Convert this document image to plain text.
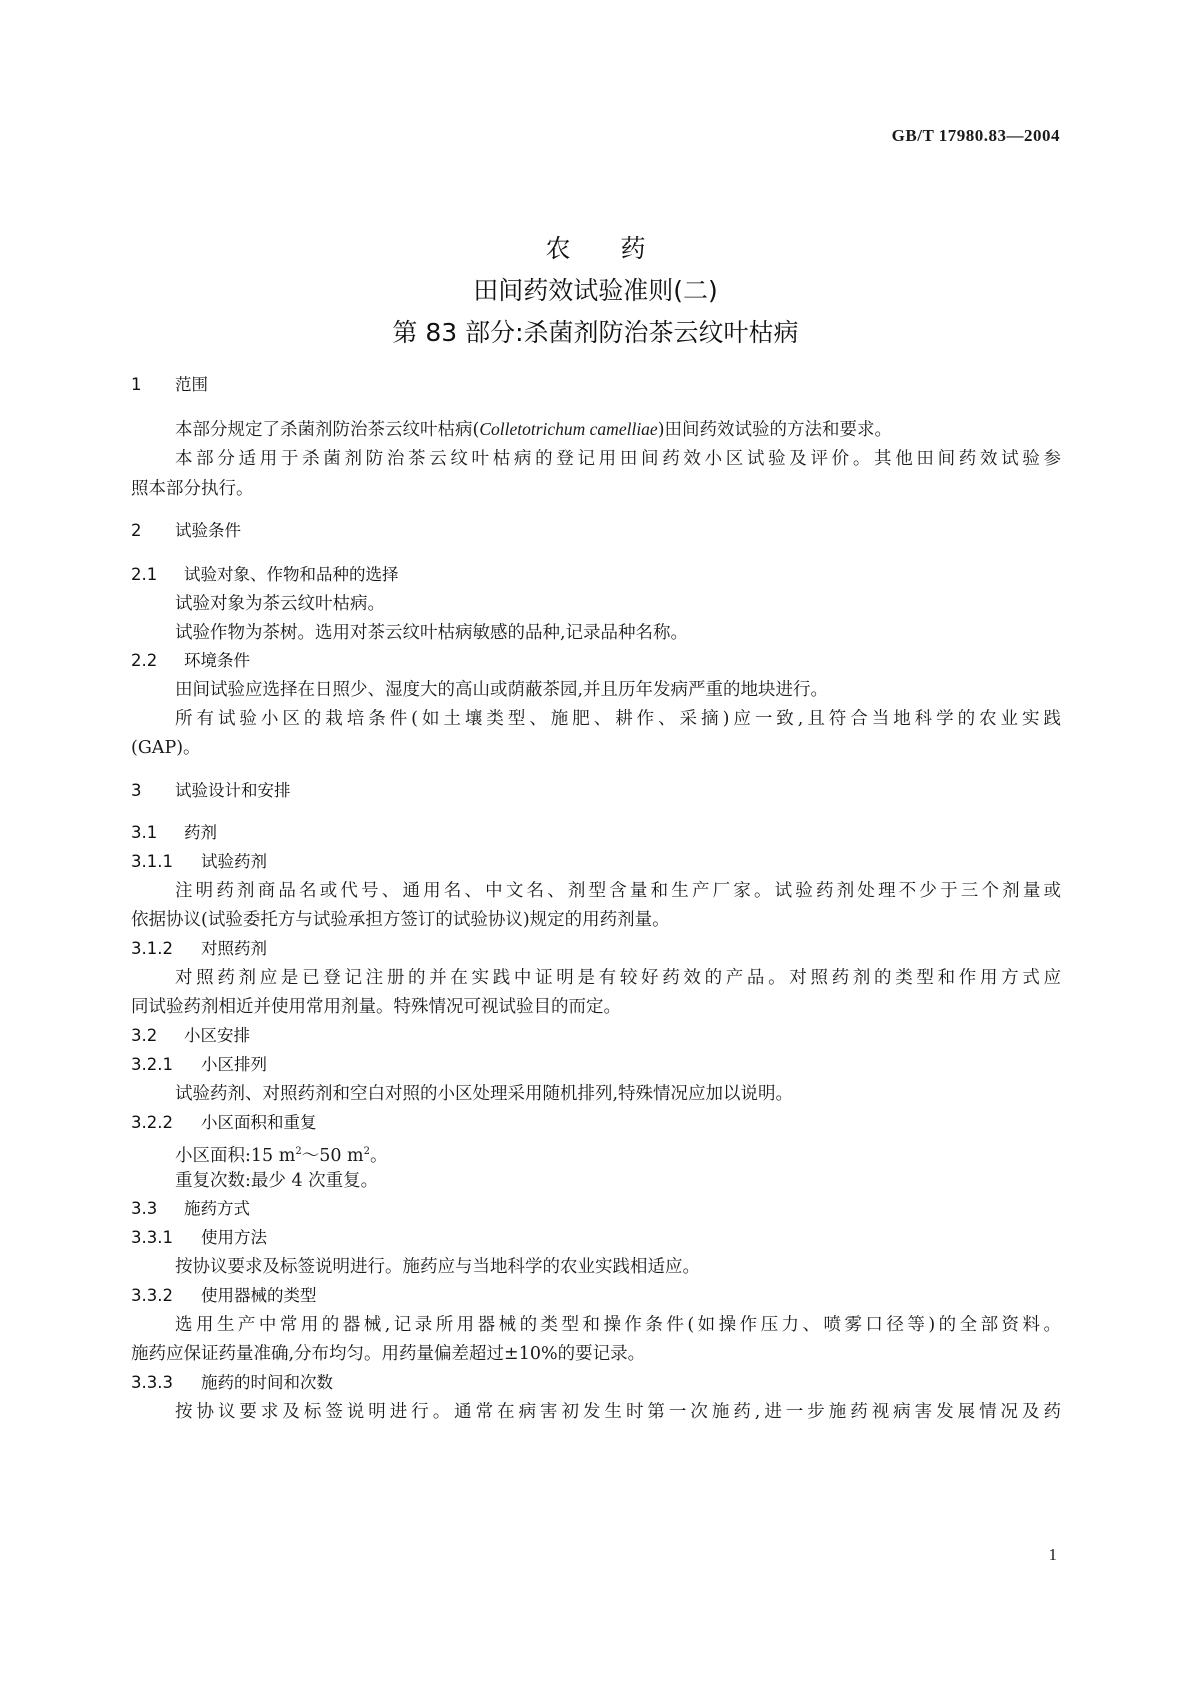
GB/T 17980.83—2004
农　　药
田间药效试验准则(二)
第 83 部分:杀菌剂防治茶云纹叶枯病
1 范围
本部分规定了杀菌剂防治茶云纹叶枯病(Colletotrichum camelliae)田间药效试验的方法和要求。
本部分适用于杀菌剂防治茶云纹叶枯病的登记用田间药效小区试验及评价。其他田间药效试验参
照本部分执行。
2 试验条件
2.1 试验对象、作物和品种的选择
试验对象为茶云纹叶枯病。
试验作物为茶树。选用对茶云纹叶枯病敏感的品种,记录品种名称。
2.2 环境条件
田间试验应选择在日照少、湿度大的高山或荫蔽茶园,并且历年发病严重的地块进行。
所有试验小区的栽培条件(如土壤类型、施肥、耕作、采摘)应一致,且符合当地科学的农业实践
(GAP)。
3 试验设计和安排
3.1 药剂
3.1.1 试验药剂
注明药剂商品名或代号、通用名、中文名、剂型含量和生产厂家。试验药剂处理不少于三个剂量或
依据协议(试验委托方与试验承担方签订的试验协议)规定的用药剂量。
3.1.2 对照药剂
对照药剂应是已登记注册的并在实践中证明是有较好药效的产品。对照药剂的类型和作用方式应
同试验药剂相近并使用常用剂量。特殊情况可视试验目的而定。
3.2 小区安排
3.2.1 小区排列
试验药剂、对照药剂和空白对照的小区处理采用随机排列,特殊情况应加以说明。
3.2.2 小区面积和重复
小区面积:15 $m^2\sim 50$ $m^2$。
重复次数:最少 4 次重复。
3.3 施药方式
3.3.1 使用方法
按协议要求及标签说明进行。施药应与当地科学的农业实践相适应。
3.3.2 使用器械的类型
选用生产中常用的器械,记录所用器械的类型和操作条件(如操作压力、喷雾口径等)的全部资料。
施药应保证药量准确,分布均匀。用药量偏差超过±10%的要记录。
3.3.3 施药的时间和次数
按协议要求及标签说明进行。通常在病害初发生时第一次施药,进一步施药视病害发展情况及药
1
